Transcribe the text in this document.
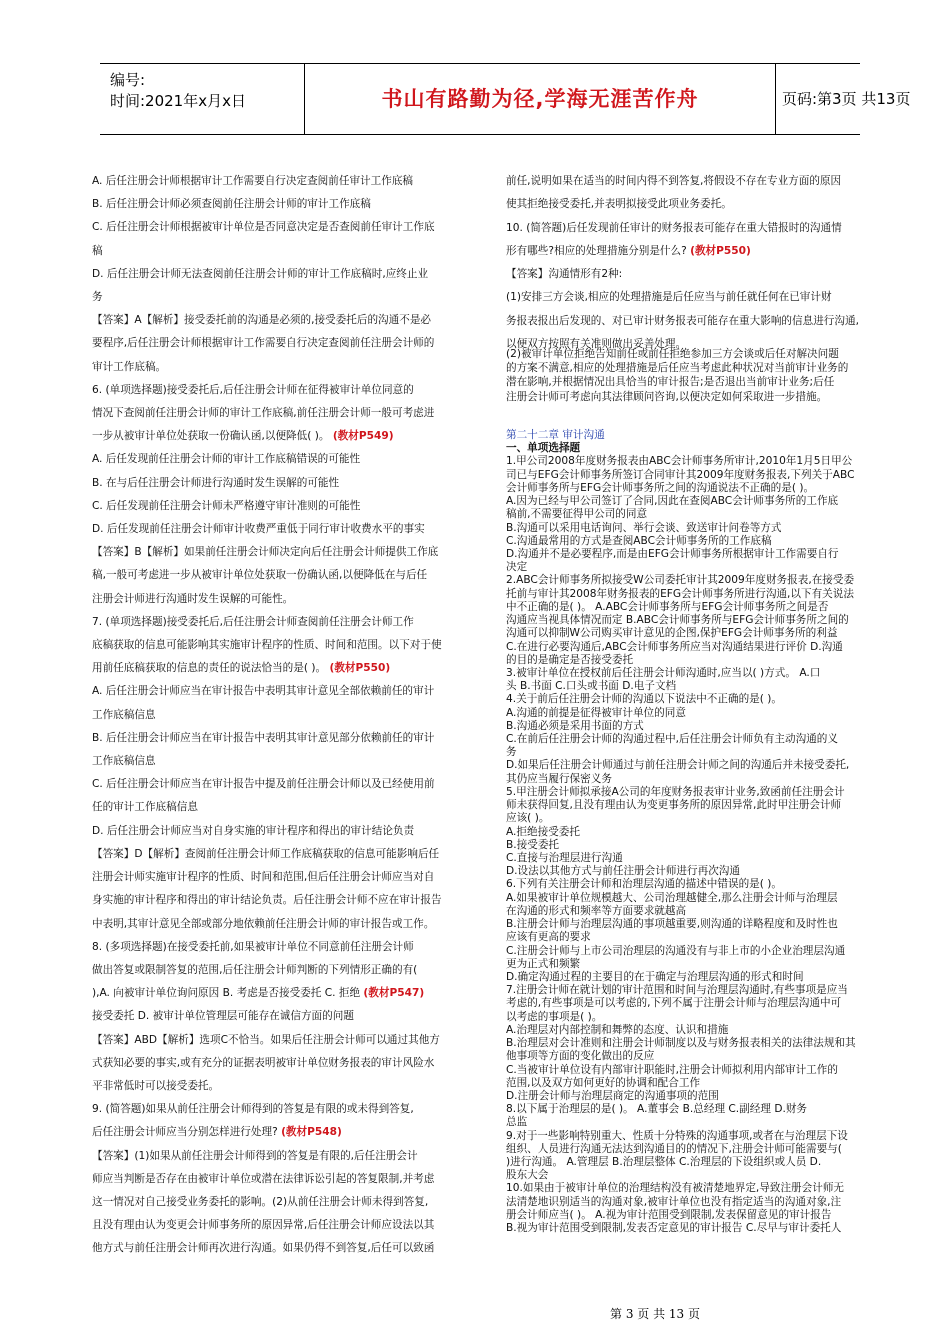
编号:
时间:2021年x月x日	书山有路勤为径,学海无涯苦作舟	页码:第3页 共13页

A. 后任注册会计师根据审计工作需要自行决定查阅前任审计工作底稿

B. 后任注册会计师必须查阅前任注册会计师的审计工作底稿

C. 后任注册会计师根据被审计单位是否同意决定是否查阅前任审计工作底

稿

D. 后任注册会计师无法查阅前任注册会计师的审计工作底稿时,应终止业

务

【答案】A【解析】接受委托前的沟通是必须的,接受委托后的沟通不是必

要程序,后任注册会计师根据审计工作需要自行决定查阅前任注册会计师的

审计工作底稿。

6. (单项选择题)接受委托后,后任注册会计师在征得被审计单位同意的

情况下查阅前任注册会计师的审计工作底稿,前任注册会计师一般可考虑进

一步从被审计单位处获取一份确认函,以便降低( )。 (教材P549)

A. 后任发现前任注册会计师的审计工作底稿错误的可能性

B. 在与后任注册会计师进行沟通时发生误解的可能性

C. 后任发现前任注册会计师未严格遵守审计准则的可能性

D. 后任发现前任注册会计师审计收费严重低于同行审计收费水平的事实

【答案】B【解析】如果前任注册会计师决定向后任注册会计师提供工作底

稿,一般可考虑进一步从被审计单位处获取一份确认函,以便降低在与后任

注册会计师进行沟通时发生误解的可能性。

7. (单项选择题)接受委托后,后任注册会计师查阅前任注册会计师工作

底稿获取的信息可能影响其实施审计程序的性质、时间和范围。以下对于使

用前任底稿获取的信息的责任的说法恰当的是( )。 (教材P550)

A. 后任注册会计师应当在审计报告中表明其审计意见全部依赖前任的审计

工作底稿信息

B. 后任注册会计师应当在审计报告中表明其审计意见部分依赖前任的审计

工作底稿信息

C. 后任注册会计师应当在审计报告中提及前任注册会计师以及已经使用前

任的审计工作底稿信息

D. 后任注册会计师应当对自身实施的审计程序和得出的审计结论负责

【答案】D【解析】查阅前任注册会计师工作底稿获取的信息可能影响后任

注册会计师实施审计程序的性质、时间和范围,但后任注册会计师应当对自

身实施的审计程序和得出的审计结论负责。后任注册会计师不应在审计报告

中表明,其审计意见全部或部分地依赖前任注册会计师的审计报告或工作。

8. (多项选择题)在接受委托前,如果被审计单位不同意前任注册会计师

做出答复或限制答复的范围,后任注册会计师判断的下列情形正确的有(

),A. 向被审计单位询问原因 B. 考虑是否接受委托 C. 拒绝 (教材P547)

接受委托 D. 被审计单位管理层可能存在诚信方面的问题

【答案】ABD【解析】选项C不恰当。如果后任注册会计师可以通过其他方

式获知必要的事实,或有充分的证据表明被审计单位财务报表的审计风险水

平非常低时可以接受委托。

9. (简答题)如果从前任注册会计师得到的答复是有限的或未得到答复,

后任注册会计师应当分别怎样进行处理? (教材P548)

【答案】(1)如果从前任注册会计师得到的答复是有限的,后任注册会计

师应当判断是否存在由被审计单位或潜在法律诉讼引起的答复限制,并考虑

这一情况对自己接受业务委托的影响。(2)从前任注册会计师未得到答复,

且没有理由认为变更会计师事务所的原因异常,后任注册会计师应设法以其

他方式与前任注册会计师再次进行沟通。如果仍得不到答复,后任可以致函

前任,说明如果在适当的时间内得不到答复,将假设不存在专业方面的原因

使其拒绝接受委托,并表明拟接受此项业务委托。

10. (简答题)后任发现前任审计的财务报表可能存在重大错报时的沟通情

形有哪些?相应的处理措施分别是什么? (教材P550)

【答案】沟通情形有2种:

(1)安排三方会谈,相应的处理措施是后任应当与前任就任何在已审计财

务报表报出后发现的、对已审计财务报表可能存在重大影响的信息进行沟通,

以便双方按照有关准则做出妥善处理。

(2)被审计单位拒绝告知前任或前任拒绝参加三方会谈或后任对解决问题

的方案不满意,相应的处理措施是后任应当考虑此种状况对当前审计业务的

潜在影响,并根据情况出具恰当的审计报告;是否退出当前审计业务;后任

注册会计师可考虑向其法律顾问咨询,以便决定如何采取进一步措施。

第二十二章 审计沟通

一、单项选择题

1.甲公司2008年度财务报表由ABC会计师事务所审计,2010年1月5日甲公

司已与EFG会计师事务所签订合同审计其2009年度财务报表,下列关于ABC

会计师事务所与EFG会计师事务所之间的沟通说法不正确的是( )。

A.因为已经与甲公司签订了合同,因此在查阅ABC会计师事务所的工作底

稿前,不需要征得甲公司的同意

B.沟通可以采用电话询问、举行会谈、致送审计问卷等方式

C.沟通最常用的方式是查阅ABC会计师事务所的工作底稿

D.沟通并不是必要程序,而是由EFG会计师事务所根据审计工作需要自行

决定

2.ABC会计师事务所拟接受W公司委托审计其2009年度财务报表,在接受委

托前与审计其2008年财务报表的EFG会计师事务所进行沟通,以下有关说法

中不正确的是( )。 A.ABC会计师事务所与EFG会计师事务所之间是否

沟通应当视具体情况而定 B.ABC会计师事务所与EFG会计师事务所之间的

沟通可以抑制W公司购买审计意见的企图,保护EFG会计师事务所的利益

C.在进行必要沟通后,ABC会计师事务所应当对沟通结果进行评价 D.沟通

的目的是确定是否接受委托

3.被审计单位在授权前后任注册会计师沟通时,应当以( )方式。 A.口

头 B.书面 C.口头或书面 D.电子文档

4.关于前后任注册会计师的沟通以下说法中不正确的是( )。

A.沟通的前提是征得被审计单位的同意

B.沟通必须是采用书面的方式

C.在前后任注册会计师的沟通过程中,后任注册会计师负有主动沟通的义

务

D.如果后任注册会计师通过与前任注册会计师之间的沟通后并未接受委托,

其仍应当履行保密义务

5.甲注册会计师拟承接A公司的年度财务报表审计业务,致函前任注册会计

师未获得回复,且没有理由认为变更事务所的原因异常,此时甲注册会计师

应该( )。

A.拒绝接受委托

B.接受委托

C.直接与治理层进行沟通

D.设法以其他方式与前任注册会计师进行再次沟通

6.下列有关注册会计师和治理层沟通的描述中错误的是( )。

A.如果被审计单位规模越大、公司治理越健全,那么注册会计师与治理层

在沟通的形式和频率等方面要求就越高

B.注册会计师与治理层沟通的事项越重要,则沟通的详略程度和及时性也

应该有更高的要求

C.注册会计师与上市公司治理层的沟通没有与非上市的小企业治理层沟通

更为正式和频繁

D.确定沟通过程的主要目的在于确定与治理层沟通的形式和时间

7.注册会计师在就计划的审计范围和时间与治理层沟通时,有些事项是应当

考虑的,有些事项是可以考虑的,下列不属于注册会计师与治理层沟通中可

以考虑的事项是( )。

A.治理层对内部控制和舞弊的态度、认识和措施

B.治理层对会计准则和注册会计师制度以及与财务报表相关的法律法规和其

他事项等方面的变化做出的反应

C.当被审计单位设有内部审计职能时,注册会计师拟利用内部审计工作的

范围,以及双方如何更好的协调和配合工作

D.注册会计师与治理层商定的沟通事项的范围

8.以下属于治理层的是( )。 A.董事会 B.总经理 C.副经理 D.财务

总监

9.对于一些影响特别重大、性质十分特殊的沟通事项,或者在与治理层下设

组织、人员进行沟通无法达到沟通目的的情况下,注册会计师可能需要与(

)进行沟通。 A.管理层 B.治理层整体 C.治理层的下设组织或人员 D.

股东大会

10.如果由于被审计单位的治理结构没有被清楚地界定,导致注册会计师无

法清楚地识别适当的沟通对象,被审计单位也没有指定适当的沟通对象,注

册会计师应当( )。 A.视为审计范围受到限制,发表保留意见的审计报告

B.视为审计范围受到限制,发表否定意见的审计报告 C.尽早与审计委托人

第 3 页 共 13 页
